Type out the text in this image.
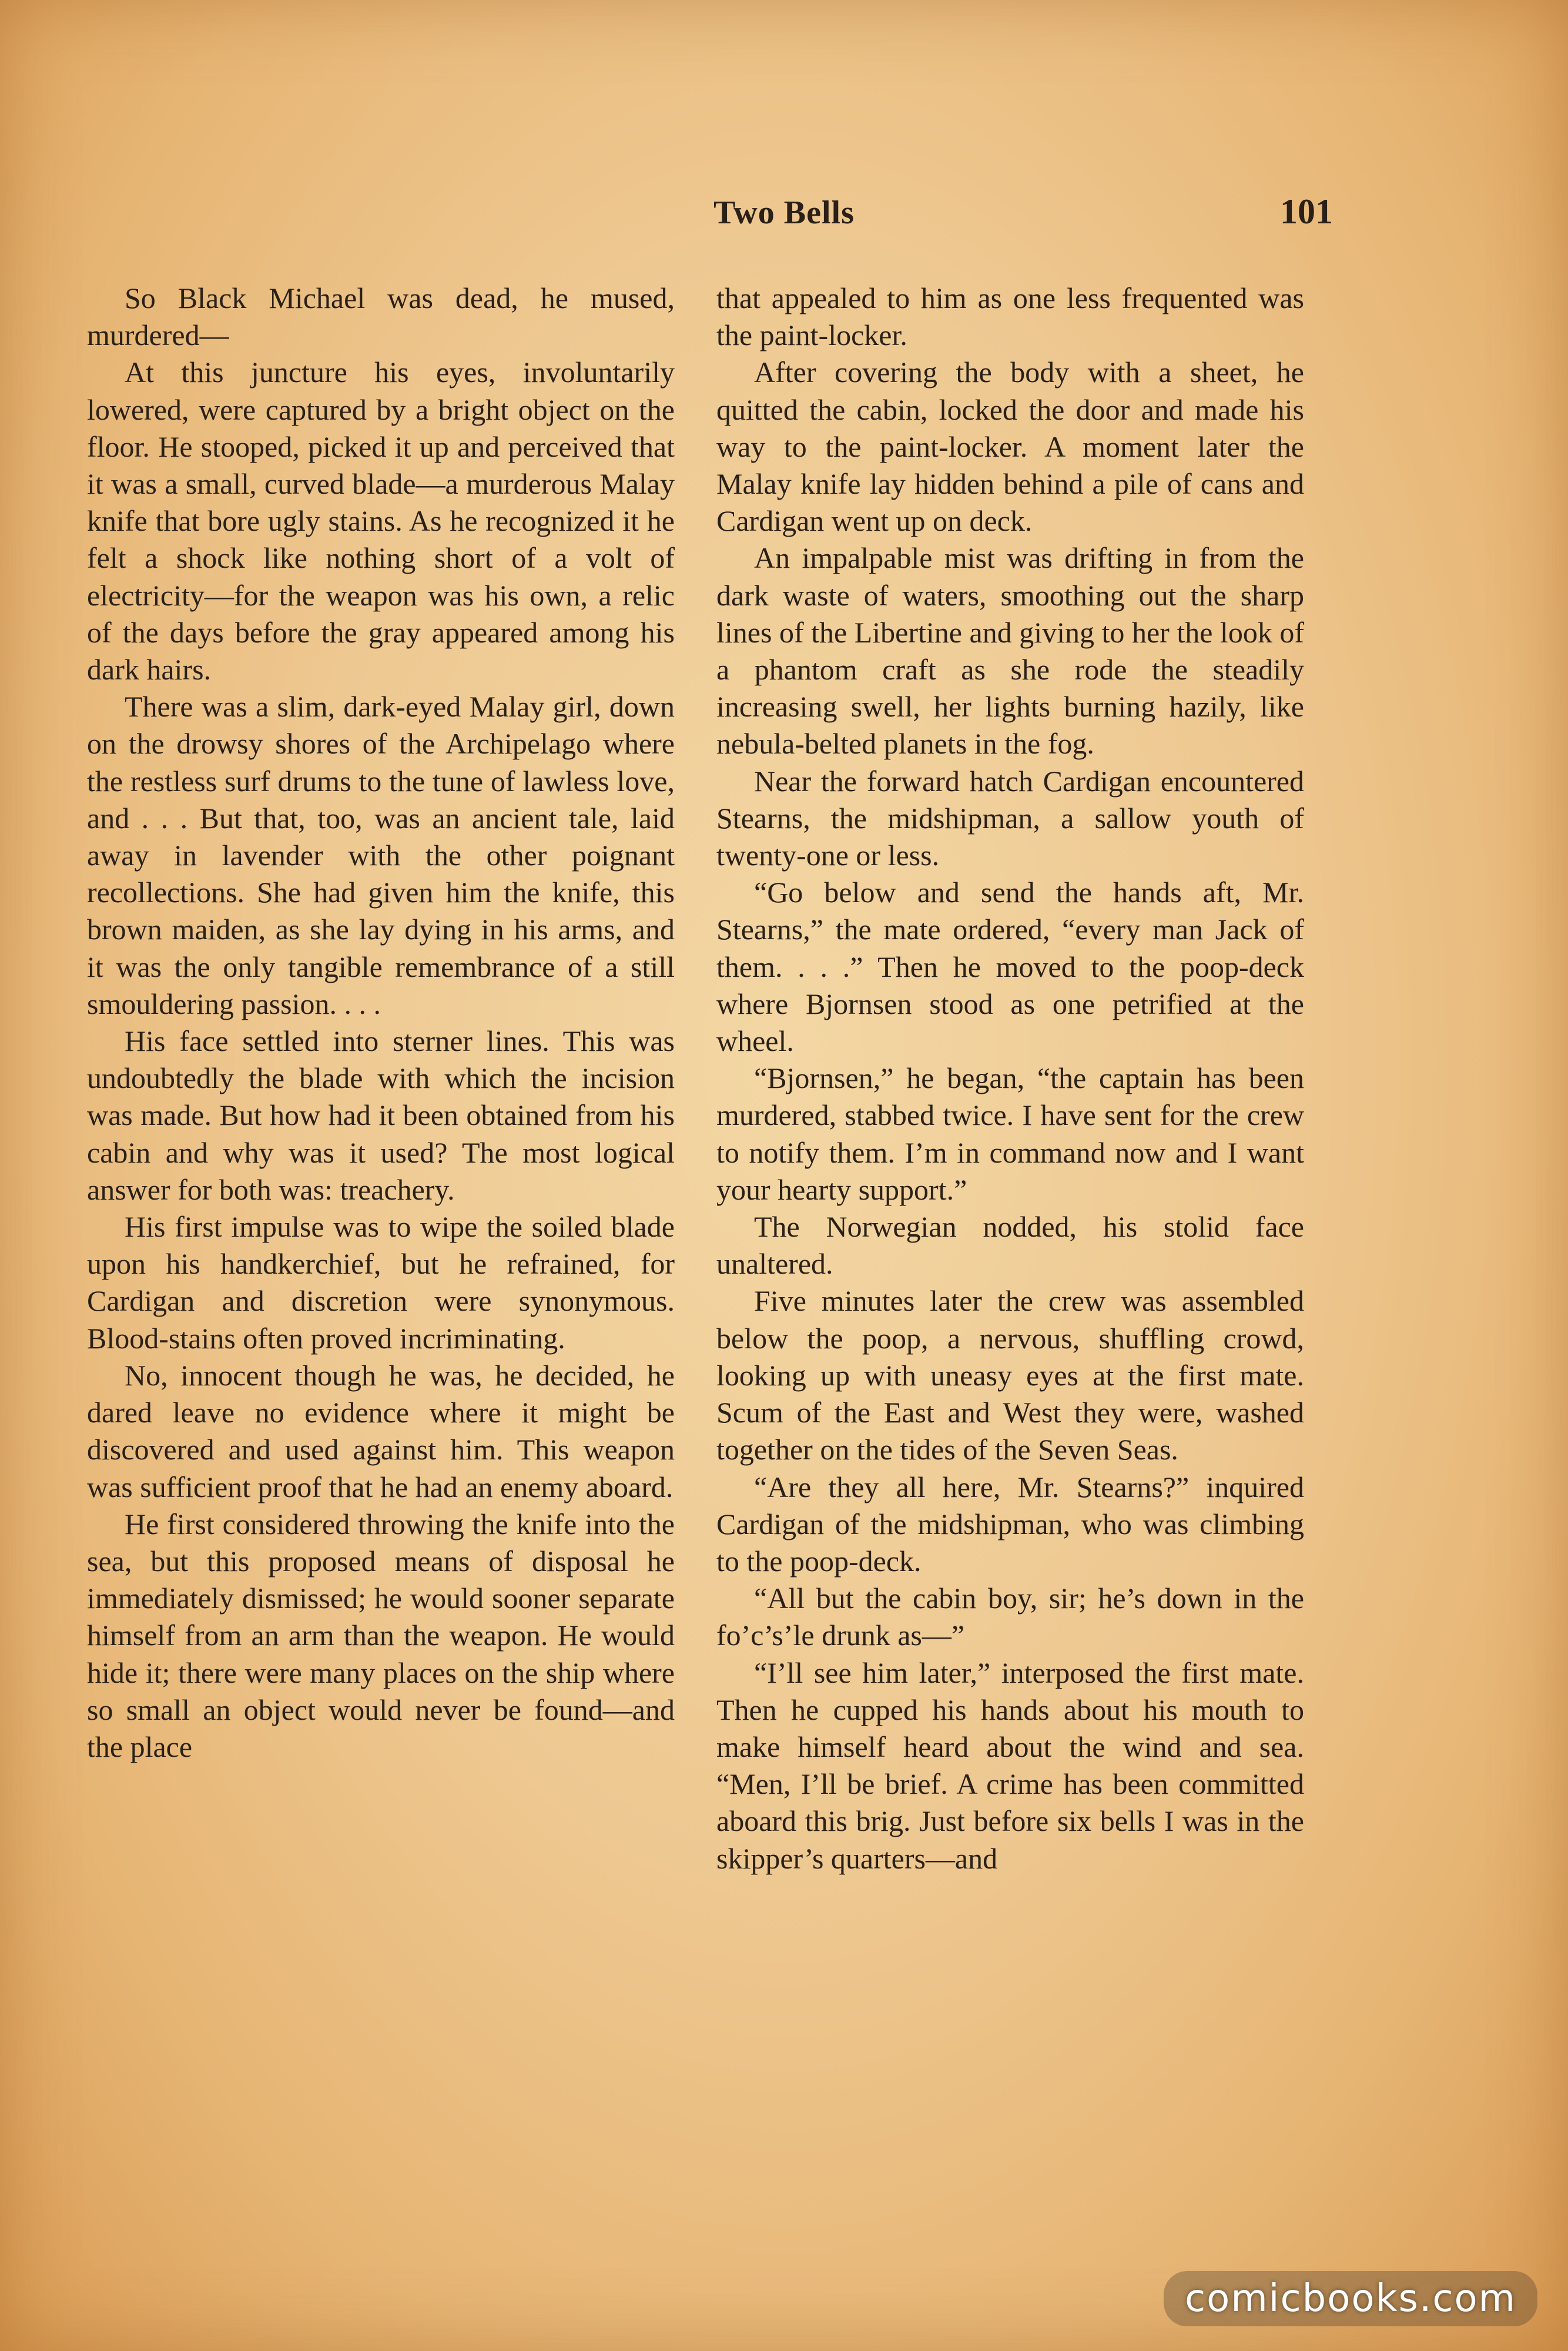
Two Bells	101

So Black Michael was dead, he mused, murdered—

At this juncture his eyes, involuntarily lowered, were captured by a bright object on the floor. He stooped, picked it up and perceived that it was a small, curved blade—a murderous Malay knife that bore ugly stains. As he recognized it he felt a shock like nothing short of a volt of electricity—for the weapon was his own, a relic of the days before the gray appeared among his dark hairs.

There was a slim, dark-eyed Malay girl, down on the drowsy shores of the Archipelago where the restless surf drums to the tune of lawless love, and . . . But that, too, was an ancient tale, laid away in lavender with the other poignant recollections. She had given him the knife, this brown maiden, as she lay dying in his arms, and it was the only tangible remembrance of a still smouldering passion. . . .

His face settled into sterner lines. This was undoubtedly the blade with which the incision was made. But how had it been obtained from his cabin and why was it used? The most logical answer for both was: treachery.

His first impulse was to wipe the soiled blade upon his handkerchief, but he refrained, for Cardigan and discretion were synonymous. Blood-stains often proved incriminating.

No, innocent though he was, he decided, he dared leave no evidence where it might be discovered and used against him. This weapon was sufficient proof that he had an enemy aboard.

He first considered throwing the knife into the sea, but this proposed means of disposal he immediately dismissed; he would sooner separate himself from an arm than the weapon. He would hide it; there were many places on the ship where so small an object would never be found—and the place

that appealed to him as one less frequented was the paint-locker.

After covering the body with a sheet, he quitted the cabin, locked the door and made his way to the paint-locker. A moment later the Malay knife lay hidden behind a pile of cans and Cardigan went up on deck.

An impalpable mist was drifting in from the dark waste of waters, smoothing out the sharp lines of the Libertine and giving to her the look of a phantom craft as she rode the steadily increasing swell, her lights burning hazily, like nebula-belted planets in the fog.

Near the forward hatch Cardigan encountered Stearns, the midshipman, a sallow youth of twenty-one or less.

“Go below and send the hands aft, Mr. Stearns,” the mate ordered, “every man Jack of them. . . .” Then he moved to the poop-deck where Bjornsen stood as one petrified at the wheel.

“Bjornsen,” he began, “the captain has been murdered, stabbed twice. I have sent for the crew to notify them. I’m in command now and I want your hearty support.”

The Norwegian nodded, his stolid face unaltered.

Five minutes later the crew was assembled below the poop, a nervous, shuffling crowd, looking up with uneasy eyes at the first mate. Scum of the East and West they were, washed together on the tides of the Seven Seas.

“Are they all here, Mr. Stearns?” inquired Cardigan of the midshipman, who was climbing to the poop-deck.

“All but the cabin boy, sir; he’s down in the fo’c’s’le drunk as—”

“I’ll see him later,” interposed the first mate. Then he cupped his hands about his mouth to make himself heard about the wind and sea. “Men, I’ll be brief. A crime has been committed aboard this brig. Just before six bells I was in the skipper’s quarters—and

comicbooks.com
